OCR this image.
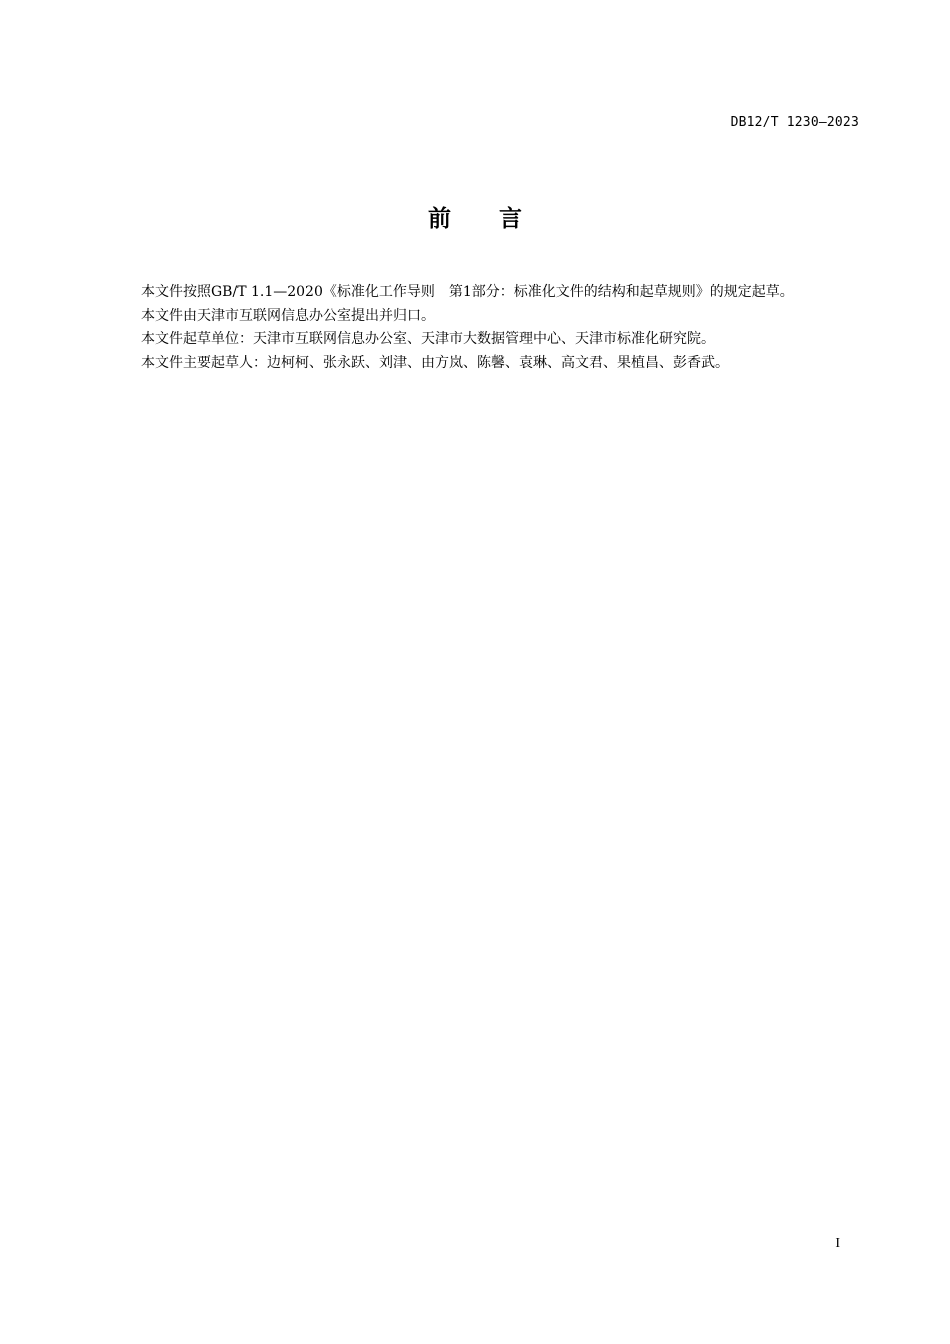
DB12/T 1230—2023
前言

本文件按照GB/T 1.1—2020《标准化工作导则　第1部分：标准化文件的结构和起草规则》的规定起草。

本文件由天津市互联网信息办公室提出并归口。

本文件起草单位：天津市互联网信息办公室、天津市大数据管理中心、天津市标准化研究院。

本文件主要起草人：边柯柯、张永跃、刘津、由方岚、陈馨、袁琳、高文君、果植昌、彭香武。

I
